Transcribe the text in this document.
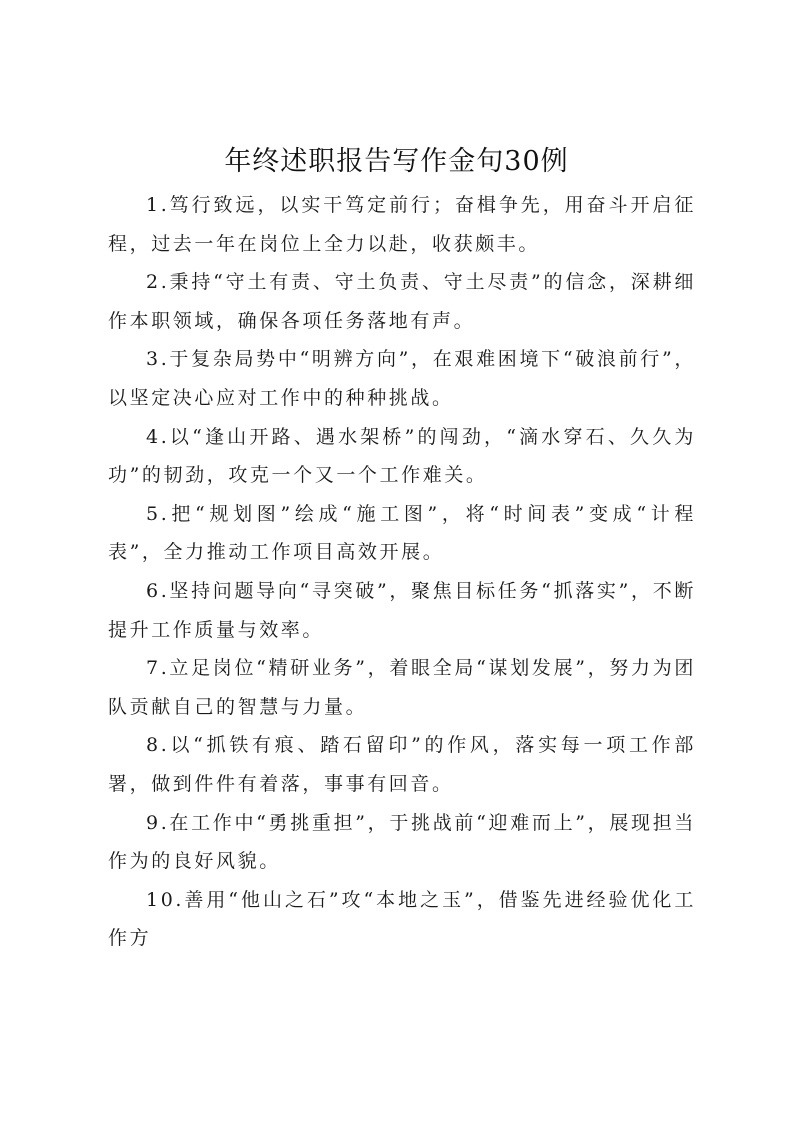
年终述职报告写作金句30例

1.笃行致远，以实干笃定前行；奋楫争先，用奋斗开启征程，过去一年在岗位上全力以赴，收获颇丰。

2.秉持“守土有责、守土负责、守土尽责”的信念，深耕细作本职领域，确保各项任务落地有声。

3.于复杂局势中“明辨方向”，在艰难困境下“破浪前行”，以坚定决心应对工作中的种种挑战。

4.以“逢山开路、遇水架桥”的闯劲，“滴水穿石、久久为功”的韧劲，攻克一个又一个工作难关。

5.把“规划图”绘成“施工图”，将“时间表”变成“计程表”，全力推动工作项目高效开展。

6.坚持问题导向“寻突破”，聚焦目标任务“抓落实”，不断提升工作质量与效率。

7.立足岗位“精研业务”，着眼全局“谋划发展”，努力为团队贡献自己的智慧与力量。

8.以“抓铁有痕、踏石留印”的作风，落实每一项工作部署，做到件件有着落，事事有回音。

9.在工作中“勇挑重担”，于挑战前“迎难而上”，展现担当作为的良好风貌。

10.善用“他山之石”攻“本地之玉”，借鉴先进经验优化工作方
